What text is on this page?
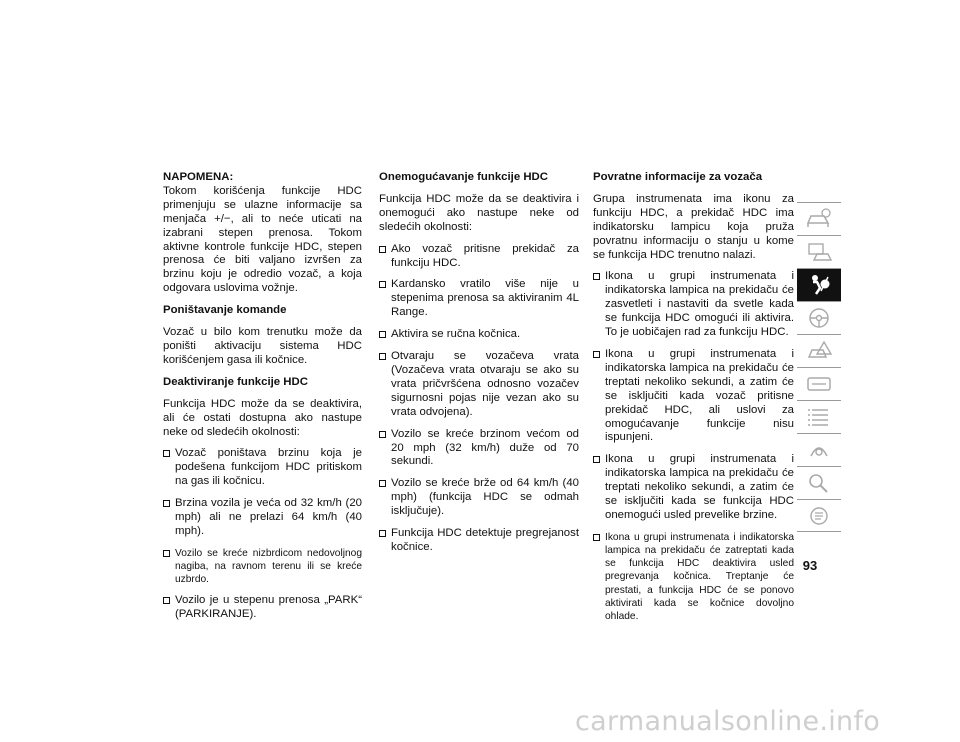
NAPOMENA:
Tokom korišćenja funkcije HDC primenjuju se ulazne informacije sa menjača +/−, ali to neće uticati na izabrani stepen prenosa. Tokom aktivne kontrole funkcije HDC, stepen prenosa će biti valjano izvršen za brzinu koju je odredio vozač, a koja odgovara uslovima vožnje.

Poništavanje komande

Vozač u bilo kom trenutku može da poništi aktivaciju sistema HDC korišćenjem gasa ili kočnice.

Deaktiviranje funkcije HDC

Funkcija HDC može da se deaktivira, ali će ostati dostupna ako nastupe neke od sledećih okolnosti:

Vozač poništava brzinu koja je podešena funkcijom HDC pritiskom na gas ili kočnicu.
Brzina vozila je veća od 32 km/h (20 mph) ali ne prelazi 64 km/h (40 mph).
Vozilo se kreće nizbrdicom nedovoljnog nagiba, na ravnom terenu ili se kreće uzbrdo.
Vozilo je u stepenu prenosa „PARK“ (PARKIRANJE).
Onemogućavanje funkcije HDC

Funkcija HDC može da se deaktivira i onemogući ako nastupe neke od sledećih okolnosti:

Ako vozač pritisne prekidač za funkciju HDC.
Kardansko vratilo više nije u stepenima prenosa sa aktiviranim 4L Range.
Aktivira se ručna kočnica.
Otvaraju se vozačeva vrata (Vozačeva vrata otvaraju se ako su vrata pričvršćena odnosno vozačev sigurnosni pojas nije vezan ako su vrata odvojena).
Vozilo se kreće brzinom većom od 20 mph (32 km/h) duže od 70 sekundi.
Vozilo se kreće brže od 64 km/h (40 mph) (funkcija HDC se odmah isključuje).
Funkcija HDC detektuje pregrejanost kočnice.
Povratne informacije za vozača

Grupa instrumenata ima ikonu za funkciju HDC, a prekidač HDC ima indikatorsku lampicu koja pruža povratnu informaciju o stanju u kome se funkcija HDC trenutno nalazi.

Ikona u grupi instrumenata i indikatorska lampica na prekidaču će zasvetleti i nastaviti da svetle kada se funkcija HDC omogući ili aktivira. To je uobičajen rad za funkciju HDC.
Ikona u grupi instrumenata i indikatorska lampica na prekidaču će treptati nekoliko sekundi, a zatim će se isključiti kada vozač pritisne prekidač HDC, ali uslovi za omogućavanje funkcije nisu ispunjeni.
Ikona u grupi instrumenata i indikatorska lampica na prekidaču će treptati nekoliko sekundi, a zatim će se isključiti kada se funkcija HDC onemogući usled prevelike brzine.
Ikona u grupi instrumenata i indikatorska lampica na prekidaču će zatreptati kada se funkcija HDC deaktivira usled pregrevanja kočnica. Treptanje će prestati, a funkcija HDC će se ponovo aktivirati kada se kočnice dovoljno ohlade.
93
carmanualsonline.info
